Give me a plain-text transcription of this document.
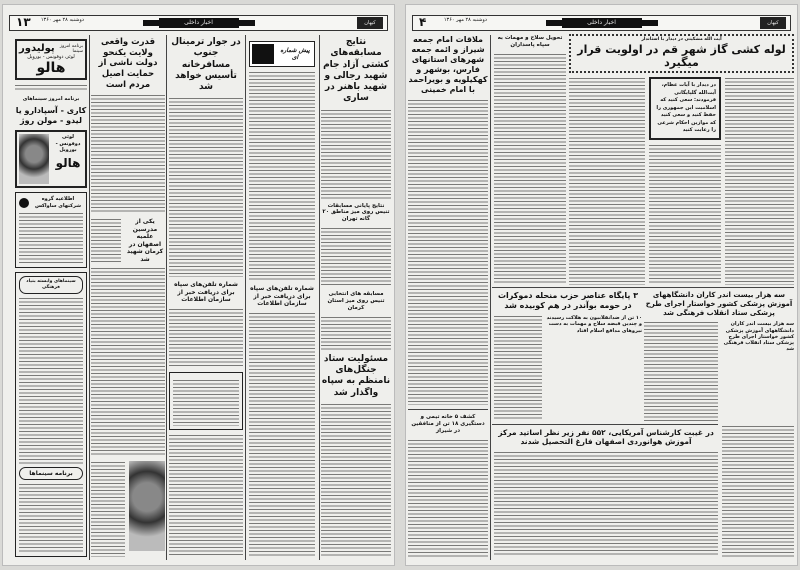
۱۳	دوشنبه ۲۸ مهر ۱۳۶۰	اخبار داخلی	کیهان
نتایج مسابقه‌های کشتی آزاد جام شهید رجالی و شهید باهنر در ساری
نتایج پایانی مسابقات تنیس روی میز مناطق ۲۰ گانه تهران
مسابقه های انتخابی تنیس روی میز استان کرمان
مسئولیت ستاد جنگل‌های نامنظم به سپاه واگذار شد
پیش شماره ای
شماره تلفن‌های سپاه برای دریافت خبر از سازمان اطلاعات
در جوار ترمینال جنوب مسافرخانه تأسیس خواهد شد
شماره تلفن‌های سپاه برای دریافت خبر از سازمان اطلاعات
قدرت واقعی ولایت یکنحو دولت ناشی از حمایت اصیل مردم است
یکی از مدرسین علمیه اصفهان در کرمان شهید شد
برنامه امروز سینما
پولیدور
لوئی دوفونس - بورویل
هالو
برنامه امروز سینماهای
کاری - آسپادارو یا لیدو - مولن روژ
لوئی دوفونس - بورویل
هالو
اطلاعیه گروه شرکتهای ساواکس
سینماهای وابسته بنیاد فرهنگی
برنامه سینماها
۴	دوشنبه ۲۸ مهر ۱۳۶۰	اخبار داخلی	کیهان
آیت الله مشکینی در دیدار با استاندار
لوله کشی گاز شهر قم در اولویت قرار میگیرد
در دیدار با آیات عظام، آیت‌الله گلپایگانی فرمودند: سعی کنید که اسلامیت این جمهوری را حفظ کنید و سعی کنید که موازین احکام شرعی را رعایت کنید
تحویل سلاح و مهمات به سپاه پاسداران
ملاقات امام جمعه شیراز و ائمه جمعه شهرهای استانهای فارس، بوشهر و کهکیلویه و بویراحمد با امام خمینی
کشف ۵ خانه تیمی و دستگیری ۱۸ تن از منافقین در شیراز
۳ پایگاه عناصر حزب منحله دموکرات در حومه بوآندر در هم کوبیده شد
۱۰ تن از ضدانقلابیون به هلاکت رسیدند و چندین قبضه سلاح و مهمات به دست نیروهای مدافع اسلام افتاد
سه هزار بیست اندر کاران دانشگاههای آموزش پزشکی کشور خواستار اجرای طرح پزشکی ستاد انقلاب فرهنگی شد
سه هزار بیست اندر کاران دانشگاههای آموزش پزشکی کشور خواستار اجرای طرح پزشکی ستاد انقلاب فرهنگی شد
در غیبت کارشناس آمریکایی، ۵۵۲ نفر زیر نظر اساتید مرکز آموزش هوانوردی اصفهان فارغ التحصیل شدند
